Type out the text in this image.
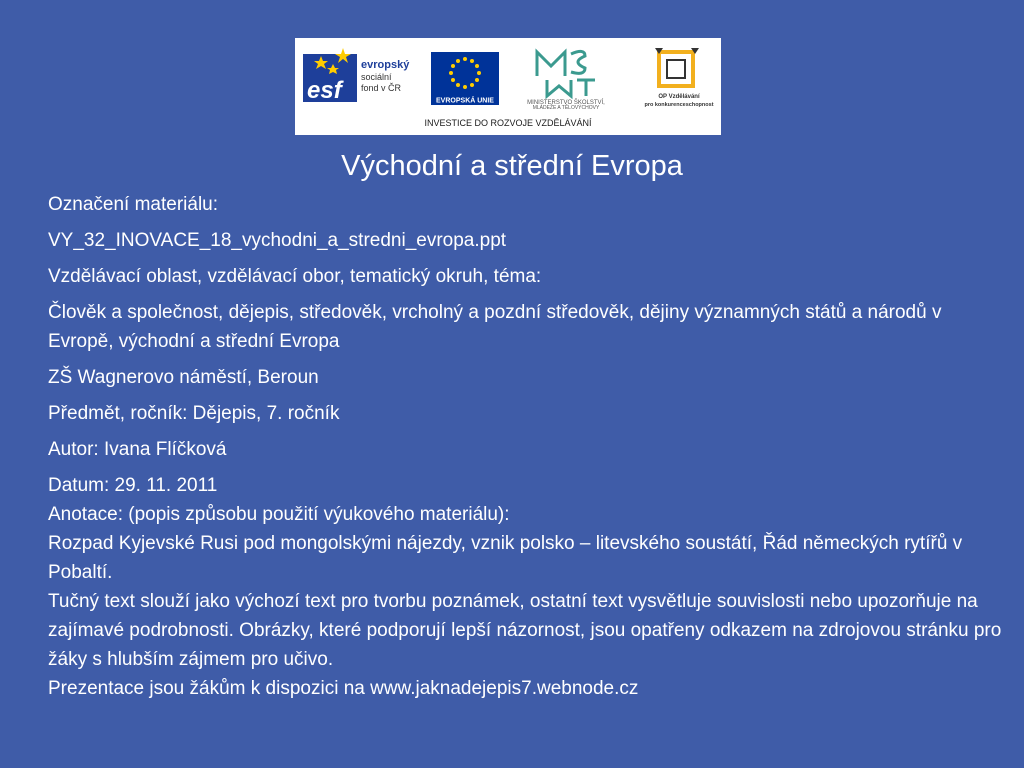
esf
evropský
sociální
fond v ČR
EVROPSKÁ UNIE	MINISTERSTVO ŠKOLSTVÍ,
MLÁDEŽE A TĚLOVÝCHOVY
OP Vzdělávání
pro konkurenceschopnost
INVESTICE DO ROZVOJE VZDĚLÁVÁNÍ
Východní a střední Evropa

Označení materiálu:

VY_32_INOVACE_18_vychodni_a_stredni_evropa.ppt

Vzdělávací oblast, vzdělávací obor, tematický okruh, téma:

Člověk a společnost, dějepis, středověk, vrcholný a pozdní středověk, dějiny významných států a národů v Evropě, východní a střední Evropa

ZŠ Wagnerovo náměstí, Beroun

Předmět, ročník: Dějepis, 7. ročník

Autor: Ivana Flíčková

Datum: 29. 11. 2011

Anotace: (popis způsobu použití výukového materiálu):

Rozpad Kyjevské Rusi pod mongolskými nájezdy, vznik polsko – litevského soustátí, Řád německých rytířů v Pobaltí.

Tučný text slouží jako výchozí text pro tvorbu poznámek, ostatní text vysvětluje souvislosti nebo upozorňuje na zajímavé podrobnosti. Obrázky, které podporují lepší názornost, jsou opatřeny odkazem na zdrojovou stránku pro žáky s hlubším zájmem pro učivo.

Prezentace jsou žákům k dispozici na www.jaknadejepis7.webnode.cz
